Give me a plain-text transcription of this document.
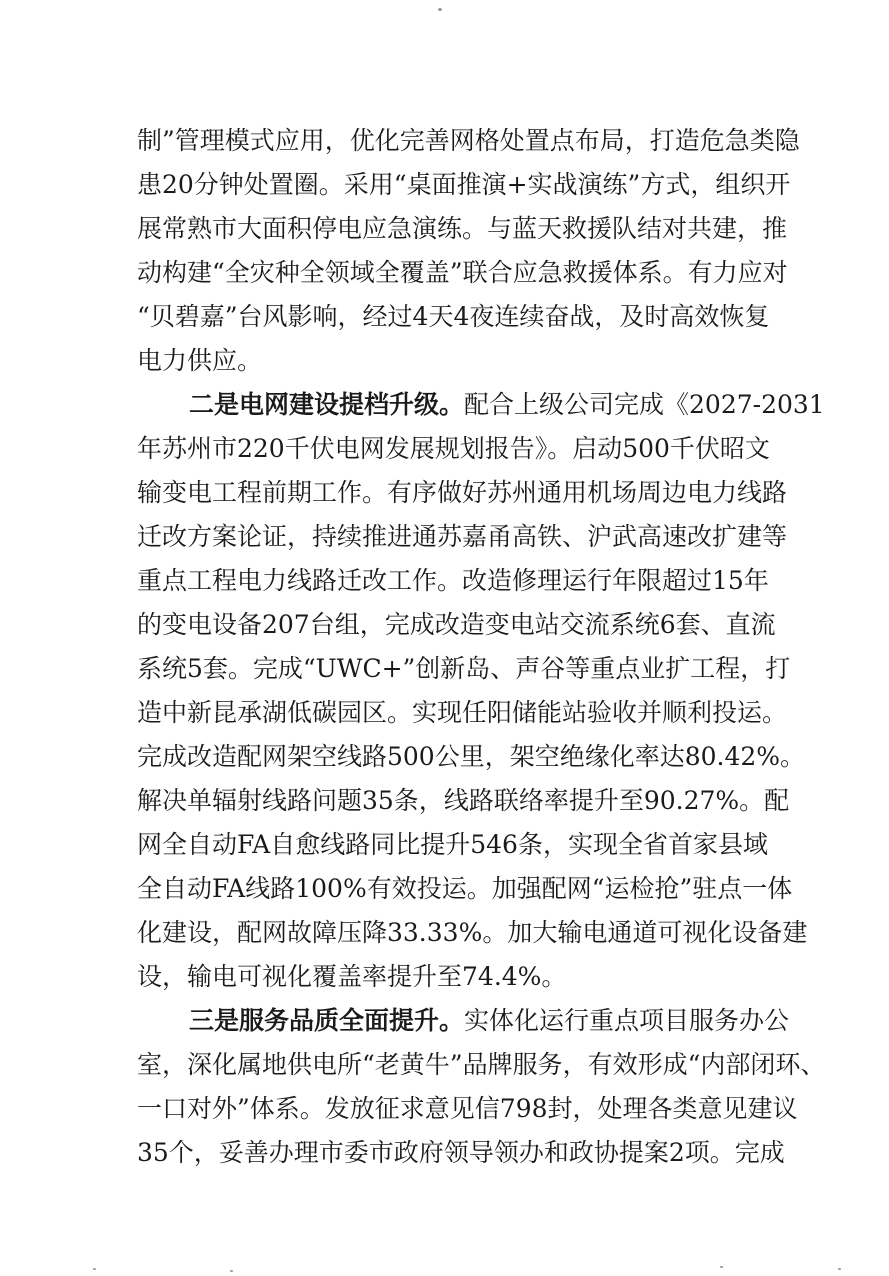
制”管理模式应用，优化完善网格处置点布局，打造危急类隐
患20分钟处置圈。采用“桌面推演+实战演练”方式，组织开
展常熟市大面积停电应急演练。与蓝天救援队结对共建，推
动构建“全灾种全领域全覆盖”联合应急救援体系。有力应对
“贝碧嘉”台风影响，经过4天4夜连续奋战，及时高效恢复
电力供应。
二是电网建设提档升级。 配合上级公司完成《2027-2031
年苏州市220千伏电网发展规划报告》。启动500千伏昭文
输变电工程前期工作。有序做好苏州通用机场周边电力线路
迁改方案论证，持续推进通苏嘉甬高铁、沪武高速改扩建等
重点工程电力线路迁改工作。改造修理运行年限超过15年
的变电设备207台组，完成改造变电站交流系统6套、直流
系统5套。完成“UWC+”创新岛、声谷等重点业扩工程，打
造中新昆承湖低碳园区。实现任阳储能站验收并顺利投运。
完成改造配网架空线路500公里，架空绝缘化率达80.42%。
解决单辐射线路问题35条，线路联络率提升至90.27%。配
网全自动FA自愈线路同比提升546条，实现全省首家县域
全自动FA线路100%有效投运。加强配网“运检抢”驻点一体
化建设，配网故障压降33.33%。加大输电通道可视化设备建
设，输电可视化覆盖率提升至74.4%。
三是服务品质全面提升。 实体化运行重点项目服务办公
室，深化属地供电所“老黄牛”品牌服务，有效形成“内部闭环、
一口对外”体系。发放征求意见信798封，处理各类意见建议
35个，妥善办理市委市政府领导领办和政协提案2项。完成
